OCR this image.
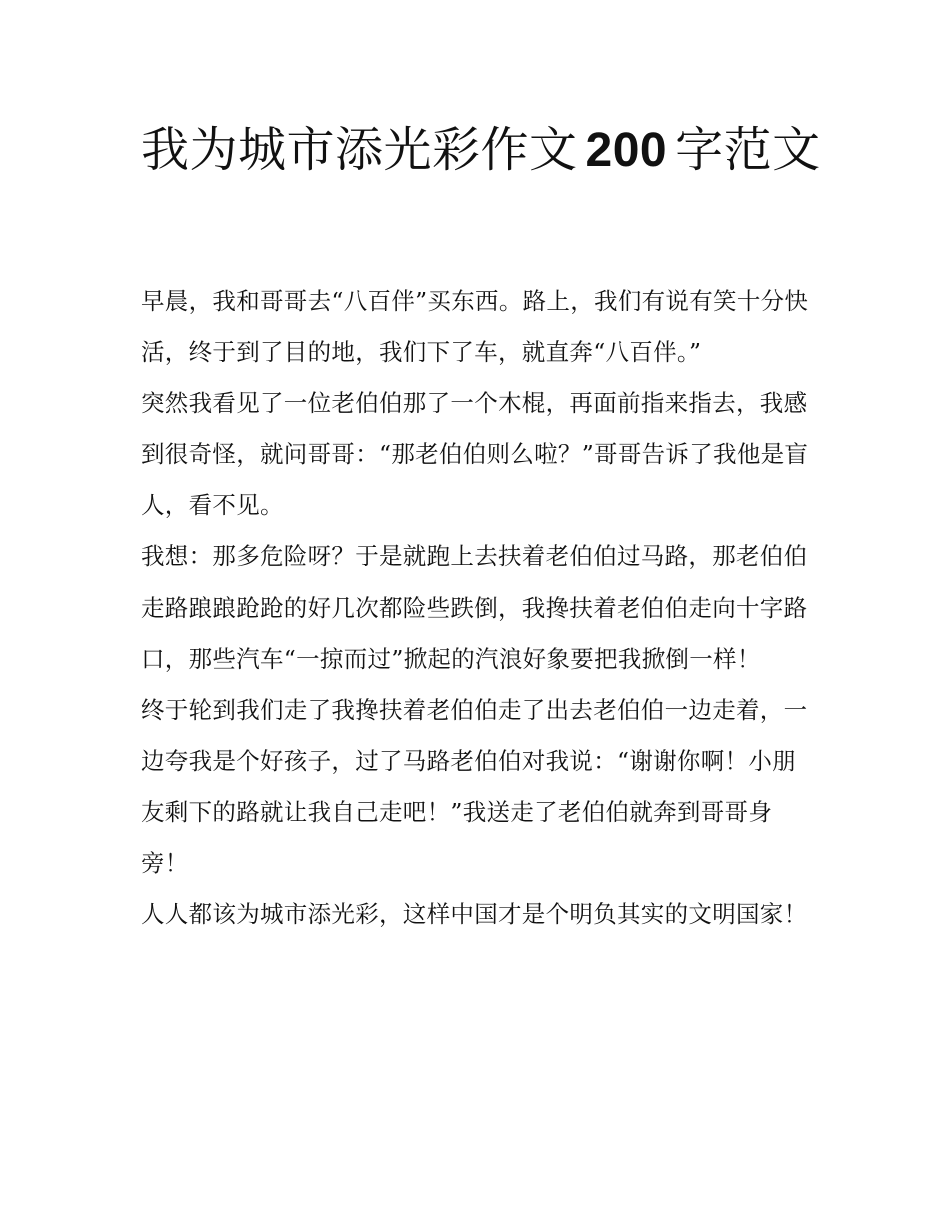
我为城市添光彩作文 200 字范文

早晨，我和哥哥去“八百伴”买东西。路上，我们有说有笑十分快活，终于到了目的地，我们下了车，就直奔“八百伴。”

突然我看见了一位老伯伯那了一个木棍，再面前指来指去，我感到很奇怪，就问哥哥：“那老伯伯则么啦？”哥哥告诉了我他是盲人，看不见。

我想：那多危险呀？于是就跑上去扶着老伯伯过马路，那老伯伯走路踉踉跄跄的好几次都险些跌倒，我搀扶着老伯伯走向十字路口，那些汽车“一掠而过”掀起的汽浪好象要把我掀倒一样！

终于轮到我们走了我搀扶着老伯伯走了出去老伯伯一边走着，一边夸我是个好孩子，过了马路老伯伯对我说：“谢谢你啊！小朋友剩下的路就让我自己走吧！”我送走了老伯伯就奔到哥哥身旁！

人人都该为城市添光彩，这样中国才是个明负其实的文明国家！
